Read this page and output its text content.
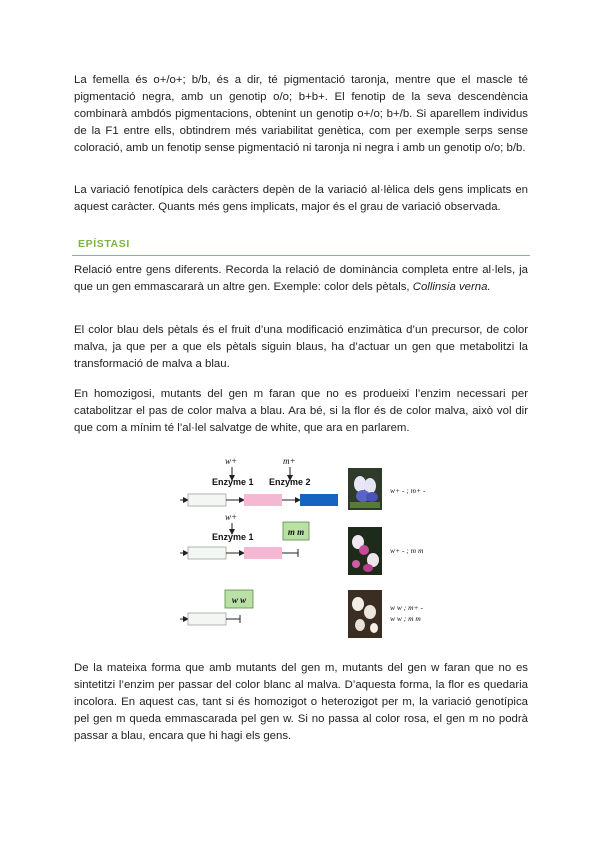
La femella és o+/o+; b/b, és a dir, té pigmentació taronja, mentre que el mascle té pigmentació negra, amb un genotip o/o; b+b+. El fenotip de la seva descendència combinarà ambdós pigmentacions, obtenint un genotip o+/o; b+/b. Si aparellem individus de la F1 entre ells, obtindrem més variabilitat genètica, com per exemple serps sense coloració, amb un fenotip sense pigmentació ni taronja ni negra i amb un genotip o/o; b/b.

La variació fenotípica dels caràcters depèn de la variació al·lèlica dels gens implicats en aquest caràcter. Quants més gens implicats, major és el grau de variació observada.

EPÍSTASI

Relació entre gens diferents. Recorda la relació de dominància completa entre al·lels, ja que un gen emmascararà un altre gen. Exemple: color dels pètals, Collinsia verna.

El color blau dels pètals és el fruit d’una modificació enzimàtica d’un precursor, de color malva, ja que per a que els pètals siguin blaus, ha d’actuar un gen que metabolitzi la transformació de malva a blau.

En homozigosi, mutants del gen m faran que no es produeixi l’enzim necessari per catabolitzar el pas de color malva a blau. Ara bé, si la flor és de color malva, això vol dir que com a mínim té l’al·lel salvatge de white, que ara en parlarem.

w+	m+
Enzyme 1 Enzyme 2
w+ - ; m+ -
w+
Enzyme 1	m m
w+ - ; m m
w w
w w ; m+ -
w w ; m m

De la mateixa forma que amb mutants del gen m, mutants del gen w faran que no es sintetitzi l’enzim per passar del color blanc al malva. D’aquesta forma, la flor es quedaria incolora. En aquest cas, tant si és homozigot o heterozigot per m, la variació genotípica pel gen m queda emmascarada pel gen w. Si no passa al color rosa, el gen m no podrà passar a blau, encara que hi hagi els gens.
